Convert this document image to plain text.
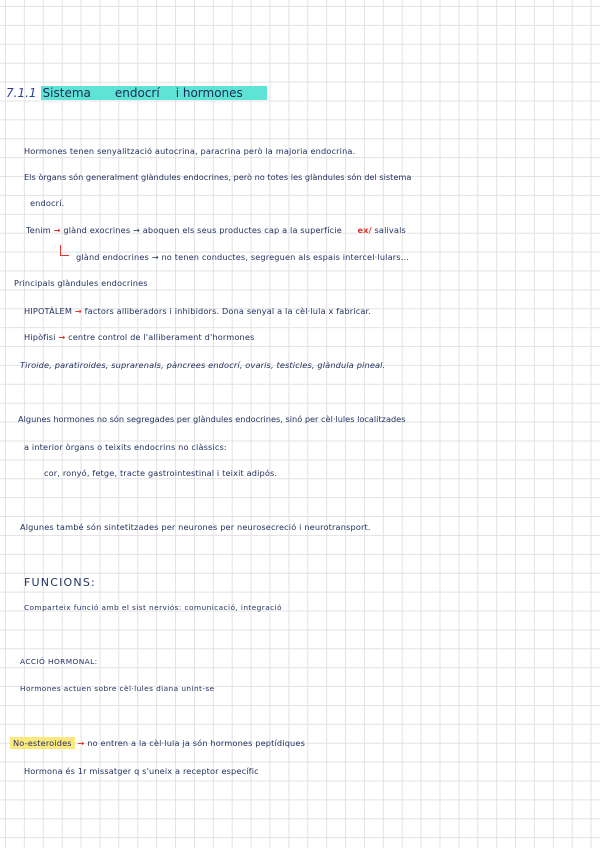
7.1.1 Sistema endocrí i hormones
Hormones tenen senyalització autocrina, paracrina però la majoria endocrina.
Els òrgans són generalment glàndules endocrines, però no totes les glàndules són del sistema
endocrí.
Tenim → glànd exocrines → aboquen els seus productes cap a la superfície ex/ salivals
glànd endocrines → no tenen conductes, segreguen als espais intercel·lulars…
Principals glàndules endocrines
HIPOTÀLEM → factors alliberadors i inhibidors. Dona senyal a la cèl·lula x fabricar.
Hipòfisi → centre control de l'alliberament d'hormones
Tiroide, paratiroides, suprarenals, pàncrees endocrí, ovaris, testicles, glàndula pineal.
Algunes hormones no són segregades per glàndules endocrines, sinó per cèl·lules localitzades
a interior òrgans o teixits endocrins no clàssics:
cor, ronyó, fetge, tracte gastrointestinal i teixit adipós.
Algunes també són sintetitzades per neurones per neurosecreció i neurotransport.
FUNCIONS:
Comparteix funció amb el sist nerviós: comunicació, integració
ACCIÓ HORMONAL:
Hormones actuen sobre cèl·lules diana unint-se
No-esteroides → no entren a la cèl·lula ja són hormones peptídiques
Hormona és 1r missatger q s'uneix a receptor específic
